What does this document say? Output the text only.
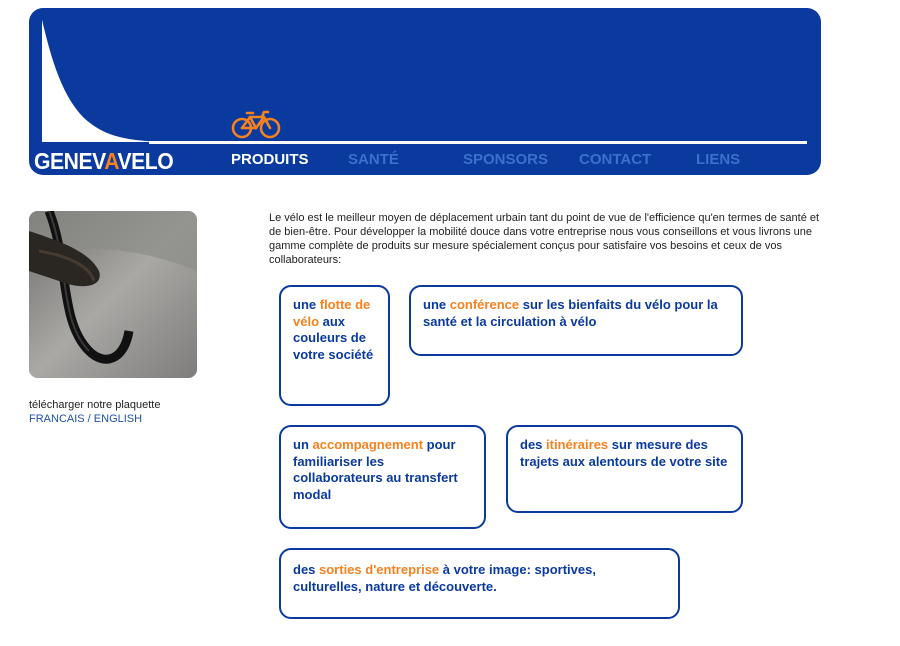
GENEVAVELO	PRODUITS	SANTÉ	SPONSORS CONTACT	LIENS
télécharger notre plaquette
FRANCAIS / ENGLISH

Le vélo est le meilleur moyen de déplacement urbain tant du point de vue de l'efficience qu'en termes de santé et de bien-être. Pour développer la mobilité douce dans votre entreprise nous vous conseillons et vous livrons une gamme complète de produits sur mesure spécialement conçus pour satisfaire vos besoins et ceux de vos collaborateurs:

une flotte de vélo aux couleurs de votre société
une conférence sur les bienfaits du vélo pour la santé et la circulation à vélo
un accompagnement pour familiariser les collaborateurs au transfert modal
des itinéraires sur mesure des trajets aux alentours de votre site
des sorties d'entreprise à votre image: sportives, culturelles, nature et découverte.
